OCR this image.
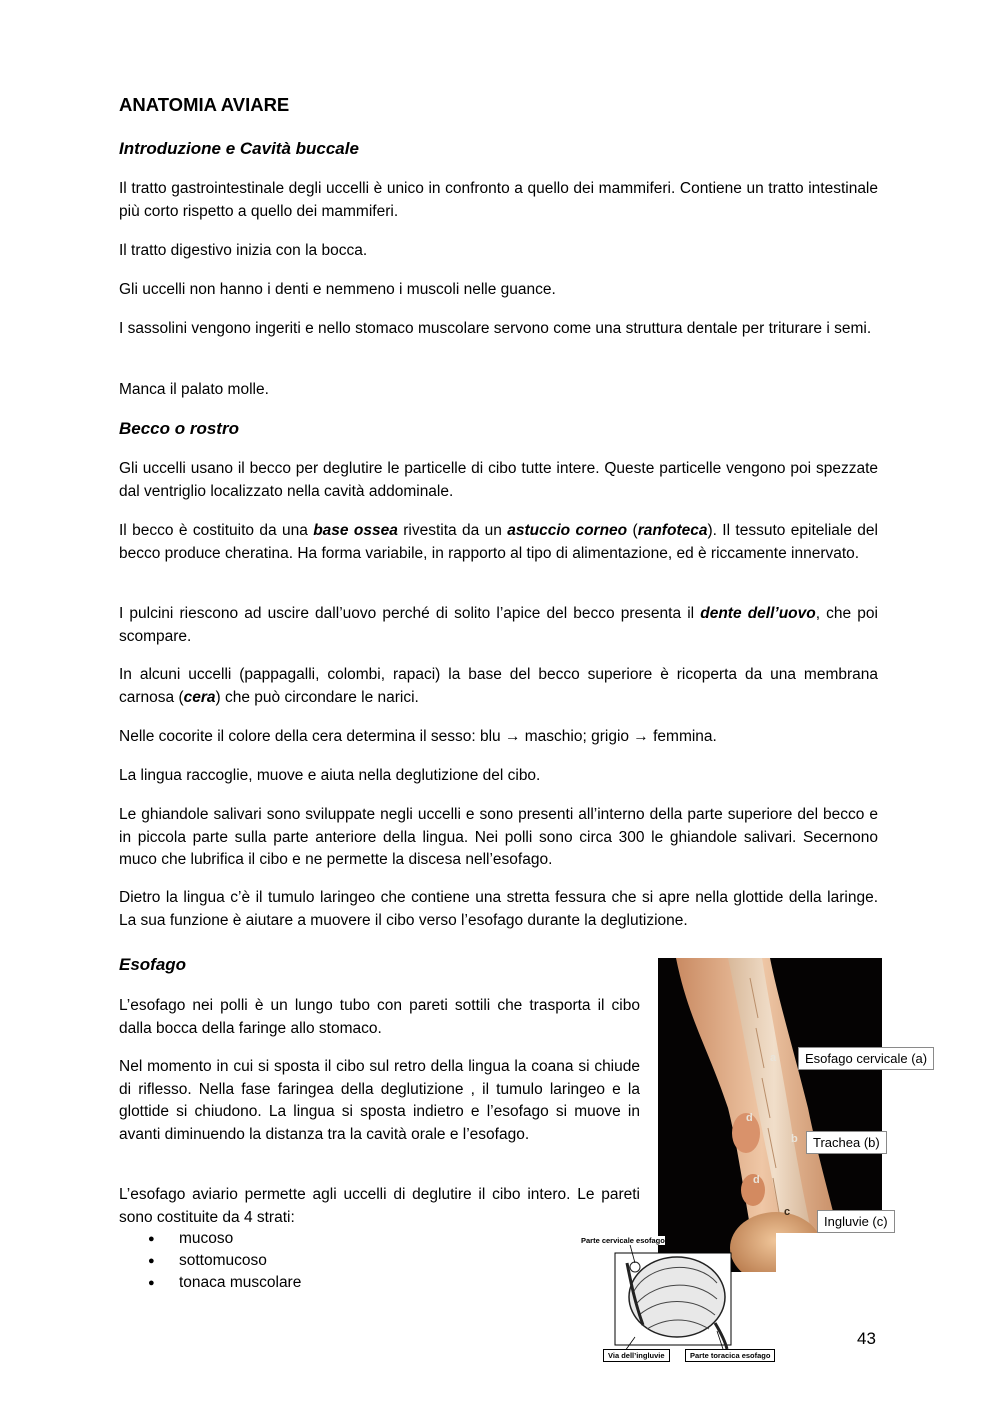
ANATOMIA AVIARE
Introduzione e Cavità buccale

Il tratto gastrointestinale degli uccelli è unico in confronto a quello dei mammiferi. Contiene un tratto intestinale più corto rispetto a quello dei mammiferi.

Il tratto digestivo inizia con la bocca.

Gli uccelli non hanno i denti e nemmeno i muscoli nelle guance.

I sassolini vengono ingeriti e nello stomaco muscolare servono come una struttura dentale per triturare i semi.

Manca il palato molle.

Becco o rostro

Gli uccelli usano il becco per deglutire le particelle di cibo tutte intere. Queste particelle vengono poi spezzate dal ventriglio localizzato nella cavità addominale.

Il becco è costituito da una base ossea rivestita da un astuccio corneo (ranfoteca). Il tessuto epiteliale del becco produce cheratina. Ha forma variabile, in rapporto al tipo di alimentazione, ed è riccamente innervato.

I pulcini riescono ad uscire dall’uovo perché di solito l’apice del becco presenta il dente dell’uovo, che poi scompare.

In alcuni uccelli (pappagalli, colombi, rapaci) la base del becco superiore è ricoperta da una membrana carnosa (cera) che può circondare le narici.

Nelle cocorite il colore della cera determina il sesso: blu → maschio; grigio → femmina.

La lingua raccoglie, muove e aiuta nella deglutizione del cibo.

Le ghiandole salivari sono sviluppate negli uccelli e sono presenti all’interno della parte superiore del becco e in piccola parte sulla parte anteriore della lingua. Nei polli sono circa 300 le ghiandole salivari. Secernono muco che lubrifica il cibo e ne permette la discesa nell’esofago.

Dietro la lingua c’è il tumulo laringeo che contiene una stretta fessura che si apre nella glottide della laringe. La sua funzione è aiutare a muovere il cibo verso l’esofago durante la deglutizione.

Esofago

L’esofago nei polli è un lungo tubo con pareti sottili che trasporta il cibo dalla bocca della faringe allo stomaco.

Nel momento in cui si sposta il cibo sul retro della lingua la coana si chiude di riflesso. Nella fase faringea della deglutizione , il tumulo laringeo e la glottide si chiudono. La lingua si sposta indietro e l’esofago si muove in avanti diminuendo la distanza tra la cavità orale e l’esofago.

L’esofago aviario permette agli uccelli di deglutire il cibo intero. Le pareti sono costituite da 4 strati:

● mucoso
● sottomucoso
● tonaca muscolare
a
d
b
d
c
Esofago cervicale (a)
Trachea (b)
Ingluvie (c)
Parte cervicale esofago
Via dell’ingluvie	Parte toracica esofago
43
